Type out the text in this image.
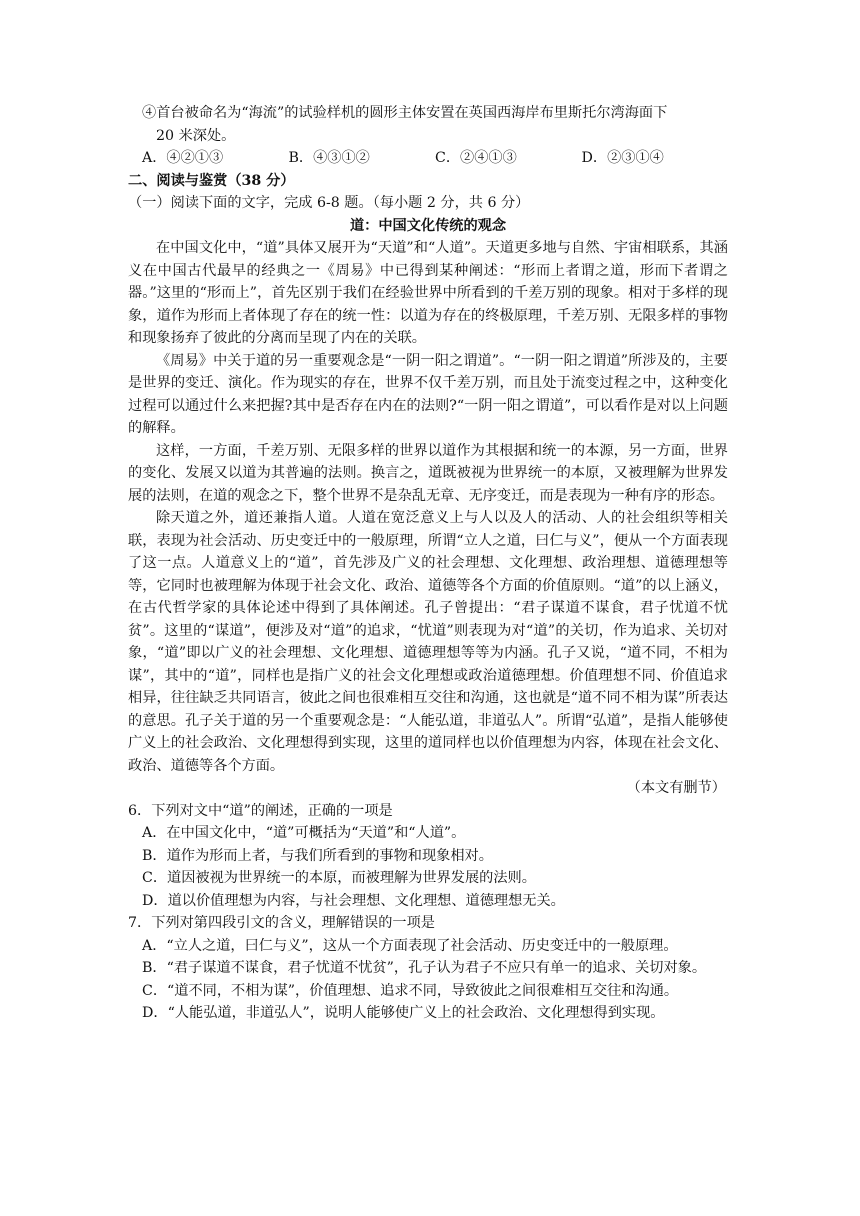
④首台被命名为“海流”的试验样机的圆形主体安置在英国西海岸布里斯托尔湾海面下
20 米深处。
A．④②①③	B．④③①②	C．②④①③	D．②③①④
二、阅读与鉴赏（38 分）
（一）阅读下面的文字，完成 6-8 题。（每小题 2 分，共 6 分）
道：中国文化传统的观念
在中国文化中，“道”具体又展开为“天道”和“人道”。天道更多地与自然、宇宙相联系，其涵义在中国古代最早的经典之一《周易》中已得到某种阐述：“形而上者谓之道，形而下者谓之器。”这里的“形而上”，首先区别于我们在经验世界中所看到的千差万别的现象。相对于多样的现象，道作为形而上者体现了存在的统一性：以道为存在的终极原理，千差万别、无限多样的事物和现象扬弃了彼此的分离而呈现了内在的关联。
《周易》中关于道的另一重要观念是“一阴一阳之谓道”。“一阴一阳之谓道”所涉及的，主要是世界的变迁、演化。作为现实的存在，世界不仅千差万别，而且处于流变过程之中，这种变化过程可以通过什么来把握?其中是否存在内在的法则?“一阴一阳之谓道”，可以看作是对以上问题的解释。
这样，一方面，千差万别、无限多样的世界以道作为其根据和统一的本源，另一方面，世界的变化、发展又以道为其普遍的法则。换言之，道既被视为世界统一的本原，又被理解为世界发展的法则，在道的观念之下，整个世界不是杂乱无章、无序变迁，而是表现为一种有序的形态。
除天道之外，道还兼指人道。人道在宽泛意义上与人以及人的活动、人的社会组织等相关联，表现为社会活动、历史变迁中的一般原理，所谓“立人之道，曰仁与义”，便从一个方面表现了这一点。人道意义上的“道”，首先涉及广义的社会理想、文化理想、政治理想、道德理想等等，它同时也被理解为体现于社会文化、政治、道德等各个方面的价值原则。“道”的以上涵义，在古代哲学家的具体论述中得到了具体阐述。孔子曾提出：“君子谋道不谋食，君子忧道不忧贫”。这里的“谋道”，便涉及对“道”的追求，“忧道”则表现为对“道”的关切，作为追求、关切对象，“道”即以广义的社会理想、文化理想、道德理想等等为内涵。孔子又说，“道不同，不相为谋”，其中的“道”，同样也是指广义的社会文化理想或政治道德理想。价值理想不同、价值追求相异，往往缺乏共同语言，彼此之间也很难相互交往和沟通，这也就是“道不同不相为谋”所表达的意思。孔子关于道的另一个重要观念是：“人能弘道，非道弘人”。所谓“弘道”，是指人能够使广义上的社会政治、文化理想得到实现，这里的道同样也以价值理想为内容，体现在社会文化、政治、道德等各个方面。
（本文有删节）
6．下列对文中“道”的阐述，正确的一项是
A．在中国文化中，“道”可概括为“天道”和“人道”。
B．道作为形而上者，与我们所看到的事物和现象相对。
C．道因被视为世界统一的本原，而被理解为世界发展的法则。
D．道以价值理想为内容，与社会理想、文化理想、道德理想无关。
7．下列对第四段引文的含义，理解错误的一项是
A．“立人之道，曰仁与义”，这从一个方面表现了社会活动、历史变迁中的一般原理。
B．“君子谋道不谋食，君子忧道不忧贫”，孔子认为君子不应只有单一的追求、关切对象。
C．“道不同，不相为谋”，价值理想、追求不同，导致彼此之间很难相互交往和沟通。
D．“人能弘道，非道弘人”，说明人能够使广义上的社会政治、文化理想得到实现。
